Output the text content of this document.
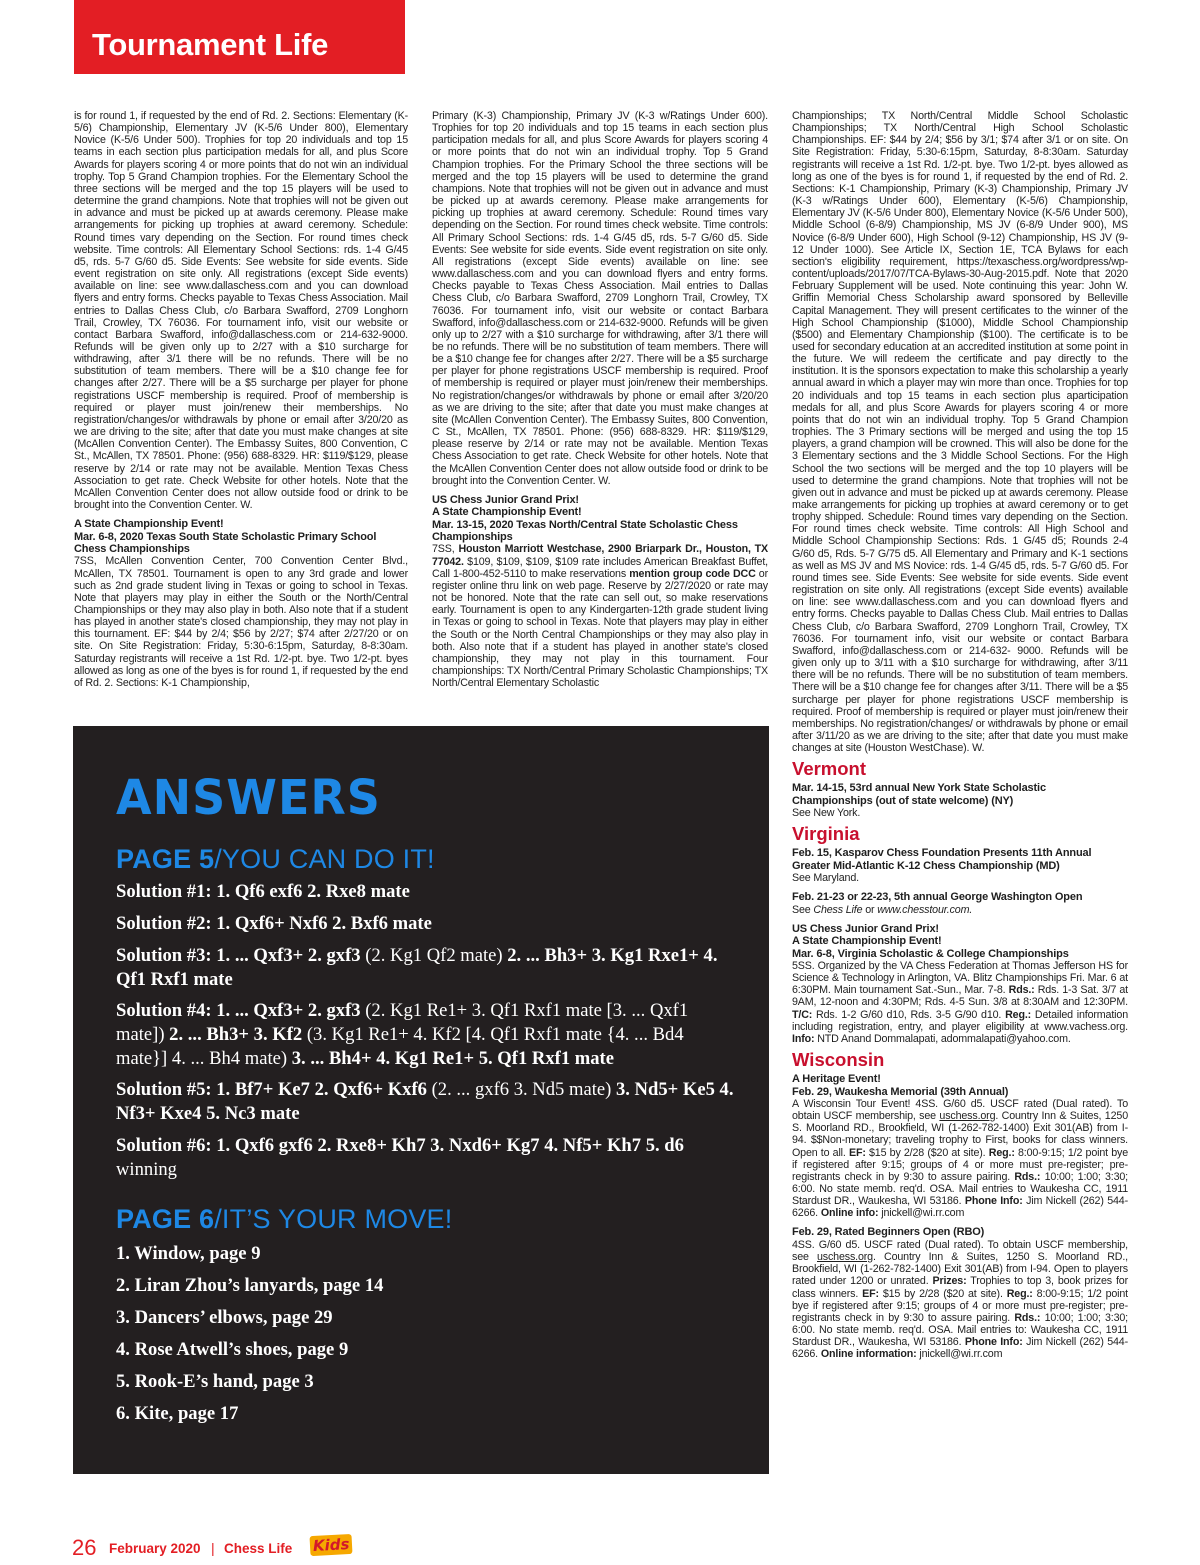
Tournament Life

is for round 1, if requested by the end of Rd. 2. Sections: Elementary (K-5/6) Championship, Elementary JV (K-5/6 Under 800), Elementary Novice (K-5/6 Under 500). Trophies for top 20 individuals and top 15 teams in each section plus participation medals for all, and plus Score Awards for players scoring 4 or more points that do not win an individual trophy. Top 5 Grand Champion trophies. For the Elementary School the three sections will be merged and the top 15 players will be used to determine the grand champions. Note that trophies will not be given out in advance and must be picked up at awards ceremony. Please make arrangements for picking up trophies at award ceremony. Schedule: Round times vary depending on the Section. For round times check website. Time controls: All Elementary School Sections: rds. 1-4 G/45 d5, rds. 5-7 G/60 d5. Side Events: See website for side events. Side event registration on site only. All registrations (except Side events) available on line: see www.dallaschess.com and you can download flyers and entry forms. Checks payable to Texas Chess Association. Mail entries to Dallas Chess Club, c/o Barbara Swafford, 2709 Longhorn Trail, Crowley, TX 76036. For tournament info, visit our website or contact Barbara Swafford, info@dallaschess.com or 214-632-9000. Refunds will be given only up to 2/27 with a $10 surcharge for withdrawing, after 3/1 there will be no refunds. There will be no substitution of team members. There will be a $10 change fee for changes after 2/27. There will be a $5 surcharge per player for phone registrations USCF membership is required. Proof of membership is required or player must join/renew their memberships. No registration/changes/or withdrawals by phone or email after 3/20/20 as we are driving to the site; after that date you must make changes at site (McAllen Convention Center). The Embassy Suites, 800 Convention, C St., McAllen, TX 78501. Phone: (956) 688-8329. HR: $119/$129, please reserve by 2/14 or rate may not be available. Mention Texas Chess Association to get rate. Check Website for other hotels. Note that the McAllen Convention Center does not allow outside food or drink to be brought into the Convention Center. W.

A State Championship Event!

Mar. 6-8, 2020 Texas South State Scholastic Primary School Chess Championships

7SS, McAllen Convention Center, 700 Convention Center Blvd., McAllen, TX 78501. Tournament is open to any 3rd grade and lower such as 2nd grade student living in Texas or going to school in Texas. Note that players may play in either the South or the North/Central Championships or they may also play in both. Also note that if a student has played in another state's closed championship, they may not play in this tournament. EF: $44 by 2/4; $56 by 2/27; $74 after 2/27/20 or on site. On Site Registration: Friday, 5:30-6:15pm, Saturday, 8-8:30am. Saturday registrants will receive a 1st Rd. 1/2-pt. bye. Two 1/2-pt. byes allowed as long as one of the byes is for round 1, if requested by the end of Rd. 2. Sections: K-1 Championship,

Primary (K-3) Championship, Primary JV (K-3 w/Ratings Under 600). Trophies for top 20 individuals and top 15 teams in each section plus participation medals for all, and plus Score Awards for players scoring 4 or more points that do not win an individual trophy. Top 5 Grand Champion trophies. For the Primary School the three sections will be merged and the top 15 players will be used to determine the grand champions. Note that trophies will not be given out in advance and must be picked up at awards ceremony. Please make arrangements for picking up trophies at award ceremony. Schedule: Round times vary depending on the Section. For round times check website. Time controls: All Primary School Sections: rds. 1-4 G/45 d5, rds. 5-7 G/60 d5. Side Events: See website for side events. Side event registration on site only. All registrations (except Side events) available on line: see www.dallaschess.com and you can download flyers and entry forms. Checks payable to Texas Chess Association. Mail entries to Dallas Chess Club, c/o Barbara Swafford, 2709 Longhorn Trail, Crowley, TX 76036. For tournament info, visit our website or contact Barbara Swafford, info@dallaschess.com or 214-632-9000. Refunds will be given only up to 2/27 with a $10 surcharge for withdrawing, after 3/1 there will be no refunds. There will be no substitution of team members. There will be a $10 change fee for changes after 2/27. There will be a $5 surcharge per player for phone registrations USCF membership is required. Proof of membership is required or player must join/renew their memberships. No registration/changes/or withdrawals by phone or email after 3/20/20 as we are driving to the site; after that date you must make changes at site (McAllen Convention Center). The Embassy Suites, 800 Convention, C St., McAllen, TX 78501. Phone: (956) 688-8329. HR: $119/$129, please reserve by 2/14 or rate may not be available. Mention Texas Chess Association to get rate. Check Website for other hotels. Note that the McAllen Convention Center does not allow outside food or drink to be brought into the Convention Center. W.

US Chess Junior Grand Prix!

A State Championship Event!

Mar. 13-15, 2020 Texas North/Central State Scholastic Chess Championships

7SS, Houston Marriott Westchase, 2900 Briarpark Dr., Houston, TX 77042. $109, $109, $109, $109 rate includes American Breakfast Buffet, Call 1-800-452-5110 to make reservations mention group code DCC or register online thru link on web page. Reserve by 2/27/2020 or rate may not be honored. Note that the rate can sell out, so make reservations early. Tournament is open to any Kindergarten-12th grade student living in Texas or going to school in Texas. Note that players may play in either the South or the North Central Championships or they may also play in both. Also note that if a student has played in another state's closed championship, they may not play in this tournament. Four championships: TX North/Central Primary Scholastic Championships; TX North/Central Elementary Scholastic

Championships; TX North/Central Middle School Scholastic Championships; TX North/Central High School Scholastic Championships. EF: $44 by 2/4; $56 by 3/1; $74 after 3/1 or on site. On Site Registration: Friday, 5:30-6:15pm, Saturday, 8-8:30am. Saturday registrants will receive a 1st Rd. 1/2-pt. bye. Two 1/2-pt. byes allowed as long as one of the byes is for round 1, if requested by the end of Rd. 2. Sections: K-1 Championship, Primary (K-3) Championship, Primary JV (K-3 w/Ratings Under 600), Elementary (K-5/6) Championship, Elementary JV (K-5/6 Under 800), Elementary Novice (K-5/6 Under 500), Middle School (6-8/9) Championship, MS JV (6-8/9 Under 900), MS Novice (6-8/9 Under 600), High School (9-12) Championship, HS JV (9-12 Under 1000). See Article IX, Section 1E, TCA Bylaws for each section's eligibility requirement, https://texaschess.org/wordpress/wp-content/uploads/2017/07/TCA-Bylaws-30-Aug-2015.pdf. Note that 2020 February Supplement will be used. Note continuing this year: John W. Griffin Memorial Chess Scholarship award sponsored by Belleville Capital Management. They will present certificates to the winner of the High School Championship ($1000), Middle School Championship ($500) and Elementary Championship ($100). The certificate is to be used for secondary education at an accredited institution at some point in the future. We will redeem the certificate and pay directly to the institution. It is the sponsors expectation to make this scholarship a yearly annual award in which a player may win more than once. Trophies for top 20 individuals and top 15 teams in each section plus aparticipation medals for all, and plus Score Awards for players scoring 4 or more points that do not win an individual trophy. Top 5 Grand Champion trophies. The 3 Primary sections will be merged and using the top 15 players, a grand champion will be crowned. This will also be done for the 3 Elementary sections and the 3 Middle School Sections. For the High School the two sections will be merged and the top 10 players will be used to determine the grand champions. Note that trophies will not be given out in advance and must be picked up at awards ceremony. Please make arrangements for picking up trophies at award ceremony or to get trophy shipped. Schedule: Round times vary depending on the Section. For round times check website. Time controls: All High School and Middle School Championship Sections: Rds. 1 G/45 d5; Rounds 2-4 G/60 d5, Rds. 5-7 G/75 d5. All Elementary and Primary and K-1 sections as well as MS JV and MS Novice: rds. 1-4 G/45 d5, rds. 5-7 G/60 d5. For round times see. Side Events: See website for side events. Side event registration on site only. All registrations (except Side events) available on line: see www.dallaschess.com and you can download flyers and entry forms. Checks payable to Dallas Chess Club. Mail entries to Dallas Chess Club, c/o Barbara Swafford, 2709 Longhorn Trail, Crowley, TX 76036. For tournament info, visit our website or contact Barbara Swafford, info@dallaschess.com or 214-632- 9000. Refunds will be given only up to 3/11 with a $10 surcharge for withdrawing, after 3/11 there will be no refunds. There will be no substitution of team members. There will be a $10 change fee for changes after 3/11. There will be a $5 surcharge per player for phone registrations USCF membership is required. Proof of membership is required or player must join/renew their memberships. No registration/changes/ or withdrawals by phone or email after 3/11/20 as we are driving to the site; after that date you must make changes at site (Houston WestChase). W.

Vermont

Mar. 14-15, 53rd annual New York State Scholastic Championships (out of state welcome) (NY)

See New York.

Virginia

Feb. 15, Kasparov Chess Foundation Presents 11th Annual Greater Mid-Atlantic K-12 Chess Championship (MD)

See Maryland.

Feb. 21-23 or 22-23, 5th annual George Washington Open

See Chess Life or www.chesstour.com.

US Chess Junior Grand Prix!

A State Championship Event!

Mar. 6-8, Virginia Scholastic & College Championships

5SS. Organized by the VA Chess Federation at Thomas Jefferson HS for Science & Technology in Arlington, VA. Blitz Championships Fri. Mar. 6 at 6:30PM. Main tournament Sat.-Sun., Mar. 7-8. Rds.: Rds. 1-3 Sat. 3/7 at 9AM, 12-noon and 4:30PM; Rds. 4-5 Sun. 3/8 at 8:30AM and 12:30PM. T/C: Rds. 1-2 G/60 d10, Rds. 3-5 G/90 d10. Reg.: Detailed information including registration, entry, and player eligibility at www.vachess.org. Info: NTD Anand Dommalapati, adommalapati@yahoo.com.

Wisconsin

A Heritage Event!

Feb. 29, Waukesha Memorial (39th Annual)

A Wisconsin Tour Event! 4SS. G/60 d5. USCF rated (Dual rated). To obtain USCF membership, see uschess.org. Country Inn & Suites, 1250 S. Moorland RD., Brookfield, WI (1-262-782-1400) Exit 301(AB) from I-94. $$Non-monetary; traveling trophy to First, books for class winners. Open to all. EF: $15 by 2/28 ($20 at site). Reg.: 8:00-9:15; 1/2 point bye if registered after 9:15; groups of 4 or more must pre-register; pre-registrants check in by 9:30 to assure pairing. Rds.: 10:00; 1:00; 3:30; 6:00. No state memb. req'd. OSA. Mail entries to Waukesha CC, 1911 Stardust DR., Waukesha, WI 53186. Phone Info: Jim Nickell (262) 544-6266. Online info: jnickell@wi.rr.com

Feb. 29, Rated Beginners Open (RBO)

4SS. G/60 d5. USCF rated (Dual rated). To obtain USCF membership, see uschess.org. Country Inn & Suites, 1250 S. Moorland RD., Brookfield, WI (1-262-782-1400) Exit 301(AB) from I-94. Open to players rated under 1200 or unrated. Prizes: Trophies to top 3, book prizes for class winners. EF: $15 by 2/28 ($20 at site). Reg.: 8:00-9:15; 1/2 point bye if registered after 9:15; groups of 4 or more must pre-register; pre-registrants check in by 9:30 to assure pairing. Rds.: 10:00; 1:00; 3:30; 6:00. No state memb. req'd. OSA. Mail entries to: Waukesha CC, 1911 Stardust DR., Waukesha, WI 53186. Phone Info: Jim Nickell (262) 544-6266. Online information: jnickell@wi.rr.com

ANSWERS
PAGE 5/YOU CAN DO IT!
Solution #1: 1. Qf6 exf6 2. Rxe8 mate
Solution #2: 1. Qxf6+ Nxf6 2. Bxf6 mate
Solution #3: 1. ... Qxf3+ 2. gxf3 (2. Kg1 Qf2 mate) 2. ... Bh3+ 3. Kg1 Rxe1+ 4. Qf1 Rxf1 mate
Solution #4: 1. ... Qxf3+ 2. gxf3 (2. Kg1 Re1+ 3. Qf1 Rxf1 mate [3. ... Qxf1 mate]) 2. ... Bh3+ 3. Kf2 (3. Kg1 Re1+ 4. Kf2 [4. Qf1 Rxf1 mate {4. ... Bd4 mate}] 4. ... Bh4 mate) 3. ... Bh4+ 4. Kg1 Re1+ 5. Qf1 Rxf1 mate
Solution #5: 1. Bf7+ Ke7 2. Qxf6+ Kxf6 (2. ... gxf6 3. Nd5 mate) 3. Nd5+ Ke5 4. Nf3+ Kxe4 5. Nc3 mate
Solution #6: 1. Qxf6 gxf6 2. Rxe8+ Kh7 3. Nxd6+ Kg7 4. Nf5+ Kh7 5. d6 winning
PAGE 6/IT’S YOUR MOVE!
1. Window, page 9
2. Liran Zhou’s lanyards, page 14
3. Dancers’ elbows, page 29
4. Rose Atwell’s shoes, page 9
5. Rook-E’s hand, page 3
6. Kite, page 17
26 February 2020 | Chess Life Kids
